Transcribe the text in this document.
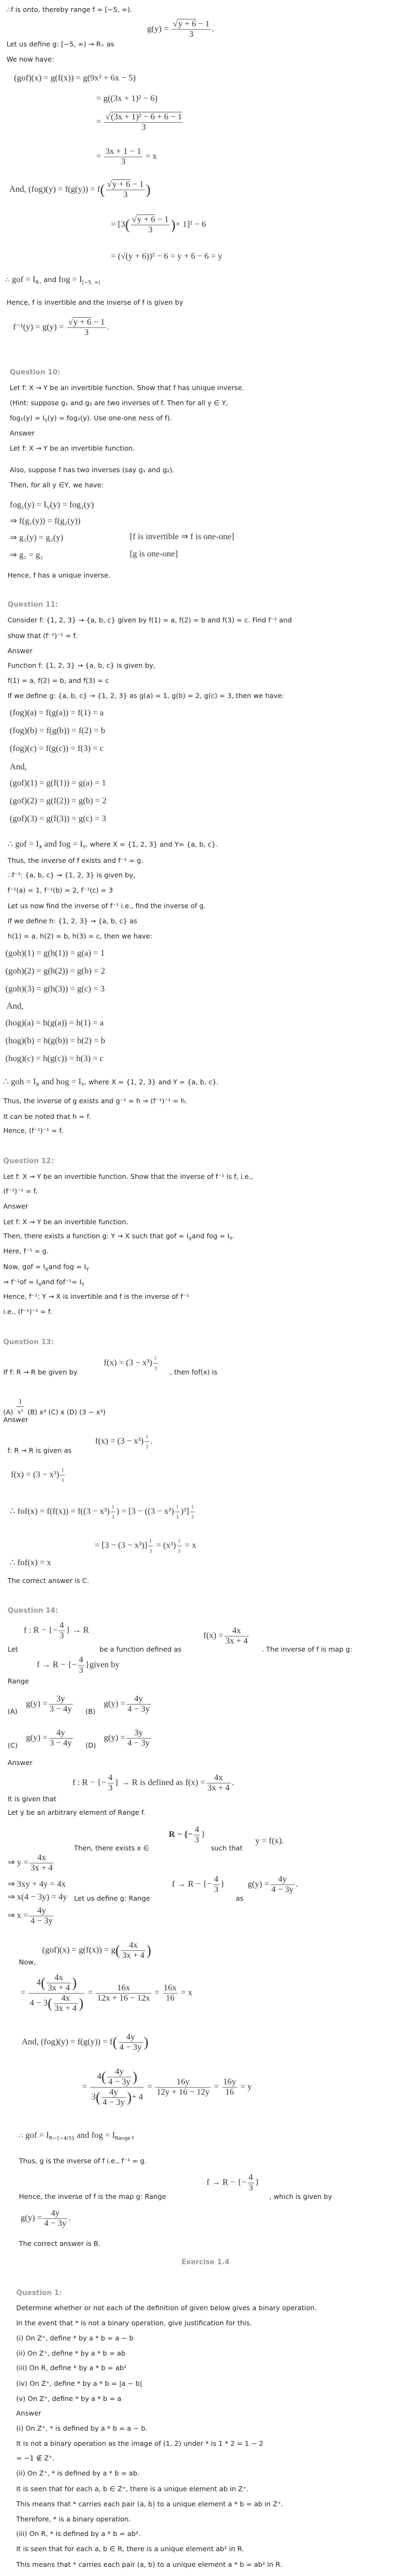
∴f is onto, thereby range f = [−5, ∞).
Let us define g: [−5, ∞) → R₊ as
$g(y) = \frac{√y + 6 - 1}{3}$ .
We now have:
(gof)(x) = g(f(x)) = g(9x² + 6x − 5)
= g((3x + 1)² − 6)
= $\frac{\text{√(3x + 1)² − 6 + 6 − 1}}{3}$
= $\frac{3x + 1 - 1}{3} = x$
And, $(fog)(y) = f(g(y)) = f( \frac{√y + 6 - 1}{3}$ )
= [$3( \frac{√y + 6 - 1}{3}$ )+ 1]² − 6
= (√(y + 6))² − 6 = y + 6 − 6 = y
∴ gof = $I_{R_+}$ and fog = $I_{[-5, \infty)}$
Hence, f is invertible and the inverse of f is given by
$f^{-1}(y) = g(y) = \frac{√y + 6 - 1}{3}$ .
Question 10:
Let f: X → Y be an invertible function. Show that f has unique inverse.
(Hint: suppose g₁ and g₂ are two inverses of f. Then for all y ∈ Y,
$fog_1(y) = I_Y(y) = fog_2(y)$. Use one-one ness of f).
Answer
Let f: X → Y be an invertible function.
Also, suppose f has two inverses (say g₁ and g₂).
Then, for all y ∈Y, we have:
$fog_1(y) = I_Y(y) = fog_2(y)$
⇒ f(g₁(y)) = f(g₂(y))
⇒ g₁(y) = g₂(y)	[f is invertible ⇒ f is one-one]
⇒ g₁ = g₂	[g is one-one]
Hence, f has a unique inverse.
Question 11:
Consider f: {1, 2, 3} → {a, b, c} given by f(1) = a, f(2) = b and f(3) = c. Find f⁻¹ and
show that (f⁻¹)⁻¹ = f.
Answer
Function f: {1, 2, 3} → {a, b, c} is given by,
f(1) = a, f(2) = b, and f(3) = c
If we define g: {a, b, c} → {1, 2, 3} as g(a) = 1, g(b) = 2, g(c) = 3, then we have:
(fog)(a) = f(g(a)) = f(1) = a
(fog)(b) = f(g(b)) = f(2) = b
(fog)(c) = f(g(c)) = f(3) = c
And,
(gof)(1) = g(f(1)) = g(a) = 1
(gof)(2) = g(f(2)) = g(b) = 2
(gof)(3) = g(f(3)) = g(c) = 3
∴ gof = $I_X$ and fog = $I_Y$, where X = {1, 2, 3} and Y= {a, b, c}.
Thus, the inverse of f exists and f⁻¹ = g.
∴f⁻¹: {a, b, c} → {1, 2, 3} is given by,
f⁻¹(a) = 1, f⁻¹(b) = 2, f⁻¹(c) = 3
Let us now find the inverse of f⁻¹ i.e., find the inverse of g.
If we define h: {1, 2, 3} → {a, b, c} as
h(1) = a, h(2) = b, h(3) = c, then we have:
(goh)(1) = g(h(1)) = g(a) = 1
(goh)(2) = g(h(2)) = g(b) = 2
(goh)(3) = g(h(3)) = g(c) = 3
And,
(hog)(a) = h(g(a)) = h(1) = a
(hog)(b) = h(g(b)) = h(2) = b
(hog)(c) = h(g(c)) = h(3) = c
∴ goh = $I_X$ and hog = $I_Y$, where X = {1, 2, 3} and Y = {a, b, c}.
Thus, the inverse of g exists and g⁻¹ = h ⇒ (f⁻¹)⁻¹ = h.
It can be noted that h = f.
Hence, (f⁻¹)⁻¹ = f.
Question 12:
Let f: X → Y be an invertible function. Show that the inverse of f⁻¹ is f, i.e.,
(f⁻¹)⁻¹ = f.
Answer
Let f: X → Y be an invertible function.
Then, there exists a function g: Y → X such that gof = $I_Xand$ fog = $I_Y$.
Here, f⁻¹ = g.
Now, gof = $I_Xand$ fog = $I_Y$
⇒ $f^{-1}of = I_Xand$ $fof^{-1}= I_Y$
Hence, f⁻¹: Y → X is invertible and f is the inverse of f⁻¹
i.e., (f⁻¹)⁻¹ = f.
Question 13:
If f: R → R be given by
$f(x) = (3 - x^3) \frac{1}{3}$ , then fof(x) is
$(A) \frac{1}{\text{x³}} (B)$ x³ (C) x (D) (3 − x³)
Answer
f: R → R is given as
$f(x) = (3 - x^3) \frac{1}{3}$ .
$f(x) = (3 - x^3) \frac{1}{3}$
∴ $fof(x) = f(f(x)) = f((3 - x^3) \frac{1}{3}$ ) = $[3 - ((3 - x^3) \frac{1}{3} )^3] \frac{1}{3}$
= $[3 - (3 - x^3)] \frac{1}{3} = (x^3) \frac{1}{3} = x$
∴ fof(x) = x
The correct answer is C.
Question 14:
Let
f : R − {− $\frac{4}{3}$ } → R
be a function defined as
$f(x) = \frac{4x}{3x + 4}$
. The inverse of f is map g:
Range
f → R − {− $\frac{4}{3}$ }given by
(A)
$g(y) = \frac{3y}{3 - 4y} (B)$
$g(y) = \frac{4y}{4 - 3y}$
(C)
$g(y) = \frac{4y}{3 - 4y} (D)$
$g(y) = \frac{3y}{4 - 3y}$
Answer
f : R − {− $\frac{4}{3}$ } → R is defined as $f(x) = \frac{4x}{3x + 4}$ .
It is given that
Let y be an arbitrary element of Range f.
Then, there exists x ∈
R − {− $\frac{4}{3}$ }
such that
y = f(x).
⇒ $y = \frac{4x}{3x + 4}$
⇒ 3xy + 4y = 4x
⇒ x(4 − 3y) = 4y Let us define g: Range
f → R − {− $\frac{4}{3}$ }
as
$g(y) = \frac{4y}{4 - 3y}$ .
⇒ $x = \frac{4y}{4 - 3y}$
Now,
$(gof)(x) = g(f(x)) = g( \frac{4x}{3x + 4}$ )
= $\frac{4( \frac{4x}{3x + 4} )}{4 - 3( \frac{4x}{3x + 4} )} = \frac{16x}{12x + 16 - 12x} = \frac{16x}{16} = x$
And, $(fog)(y) = f(g(y)) = f( \frac{4y}{4 - 3y}$ )
= $\frac{4( \frac{4y}{4 - 3y} )}{3( \frac{4y}{4 - 3y} )+ 4} = \frac{16y}{12y + 16 - 12y} = \frac{16y}{16} = y$
∴ gof = $I_{R-\{-4/3\}}$ and fog = $I_{Range f}$
Thus, g is the inverse of f i.e., f⁻¹ = g.
Hence, the inverse of f is the map g: Range
f → R − {− $\frac{4}{3}$ }
, which is given by
$g(y) = \frac{4y}{4 - 3y}$ .
The correct answer is B.
Exercise 1.4
Question 1:
Determine whether or not each of the definition of given below gives a binary operation.
In the event that * is not a binary operation, give justification for this.
(i) On Z⁺, define * by a * b = a − b
(ii) On Z⁺, define * by a * b = ab
(iii) On R, define * by a * b = ab²
(iv) On Z⁺, define * by a * b = |a − b|
(v) On Z⁺, define * by a * b = a
Answer
(i) On Z⁺, * is defined by a * b = a − b.
It is not a binary operation as the image of (1, 2) under * is 1 * 2 = 1 − 2
= −1 ∉ Z⁺.
(ii) On Z⁺, * is defined by a * b = ab.
It is seen that for each a, b ∈ Z⁺, there is a unique element ab in Z⁺.
This means that * carries each pair (a, b) to a unique element a * b = ab in Z⁺.
Therefore, * is a binary operation.
(iii) On R, * is defined by a * b = ab².
It is seen that for each a, b ∈ R, there is a unique element ab² in R.
This means that * carries each pair (a, b) to a unique element a * b = ab² in R.
